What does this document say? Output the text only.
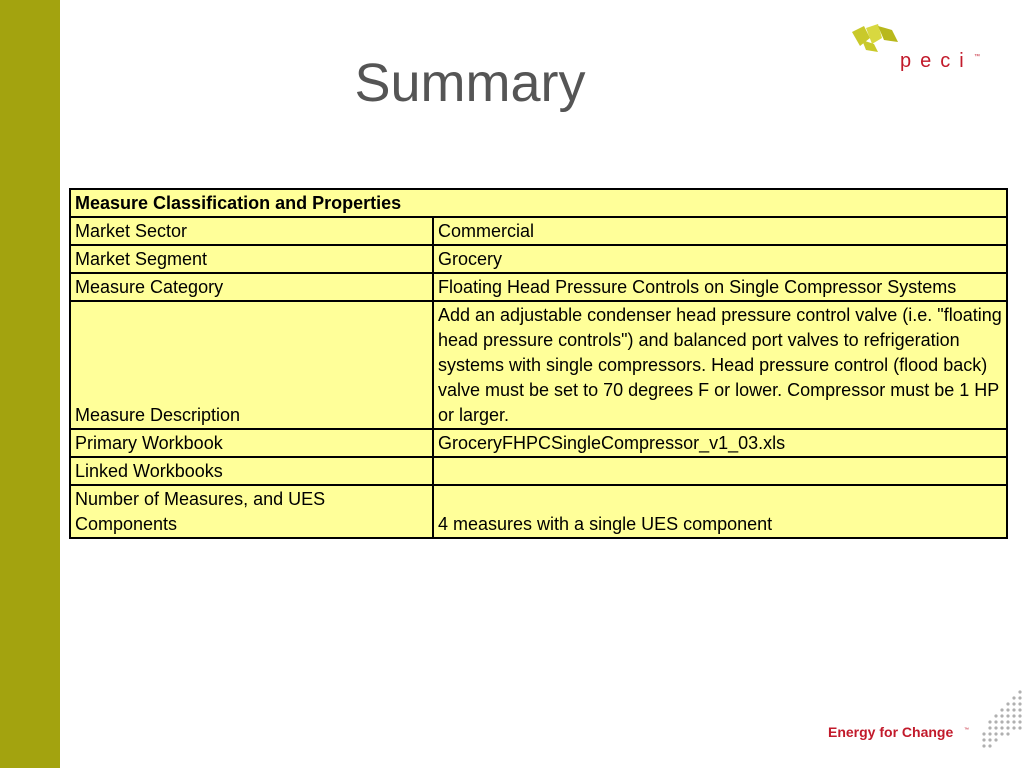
Summary	peci ™
Measure Classification and Properties	
Market Sector	Commercial
Market Segment	Grocery
Measure Category	Floating Head Pressure Controls on Single Compressor Systems
Measure Description	Add an adjustable condenser head pressure control valve (i.e. "floating head pressure controls") and balanced port valves to refrigeration systems with single compressors. Head pressure control (flood back) valve must be set to 70 degrees F or lower. Compressor must be 1 HP or larger.
Primary Workbook	GroceryFHPCSingleCompressor_v1_03.xls
Linked Workbooks	
Number of Measures, and UES Components	4 measures with a single UES component
Energy for Change ™
